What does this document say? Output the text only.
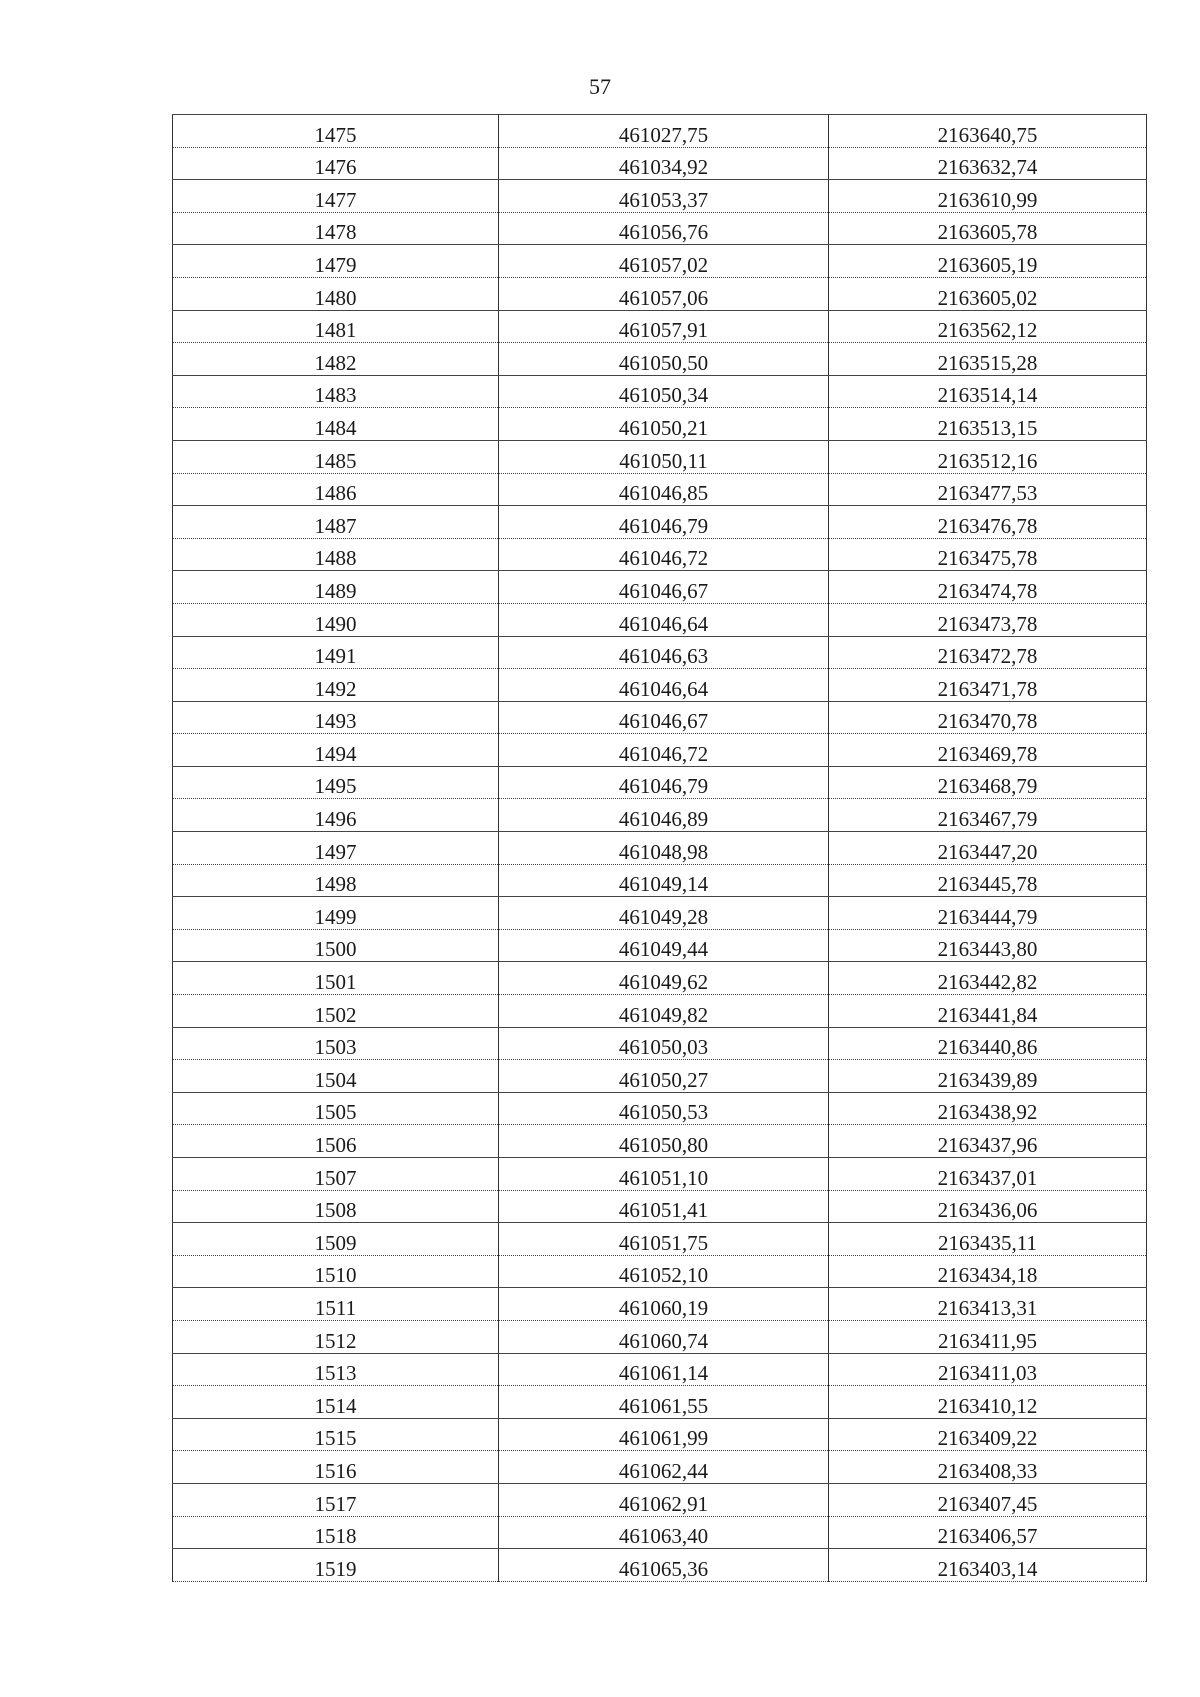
57
1475	461027,75	2163640,75
1476	461034,92	2163632,74
1477	461053,37	2163610,99
1478	461056,76	2163605,78
1479	461057,02	2163605,19
1480	461057,06	2163605,02
1481	461057,91	2163562,12
1482	461050,50	2163515,28
1483	461050,34	2163514,14
1484	461050,21	2163513,15
1485	461050,11	2163512,16
1486	461046,85	2163477,53
1487	461046,79	2163476,78
1488	461046,72	2163475,78
1489	461046,67	2163474,78
1490	461046,64	2163473,78
1491	461046,63	2163472,78
1492	461046,64	2163471,78
1493	461046,67	2163470,78
1494	461046,72	2163469,78
1495	461046,79	2163468,79
1496	461046,89	2163467,79
1497	461048,98	2163447,20
1498	461049,14	2163445,78
1499	461049,28	2163444,79
1500	461049,44	2163443,80
1501	461049,62	2163442,82
1502	461049,82	2163441,84
1503	461050,03	2163440,86
1504	461050,27	2163439,89
1505	461050,53	2163438,92
1506	461050,80	2163437,96
1507	461051,10	2163437,01
1508	461051,41	2163436,06
1509	461051,75	2163435,11
1510	461052,10	2163434,18
1511	461060,19	2163413,31
1512	461060,74	2163411,95
1513	461061,14	2163411,03
1514	461061,55	2163410,12
1515	461061,99	2163409,22
1516	461062,44	2163408,33
1517	461062,91	2163407,45
1518	461063,40	2163406,57
1519	461065,36	2163403,14
